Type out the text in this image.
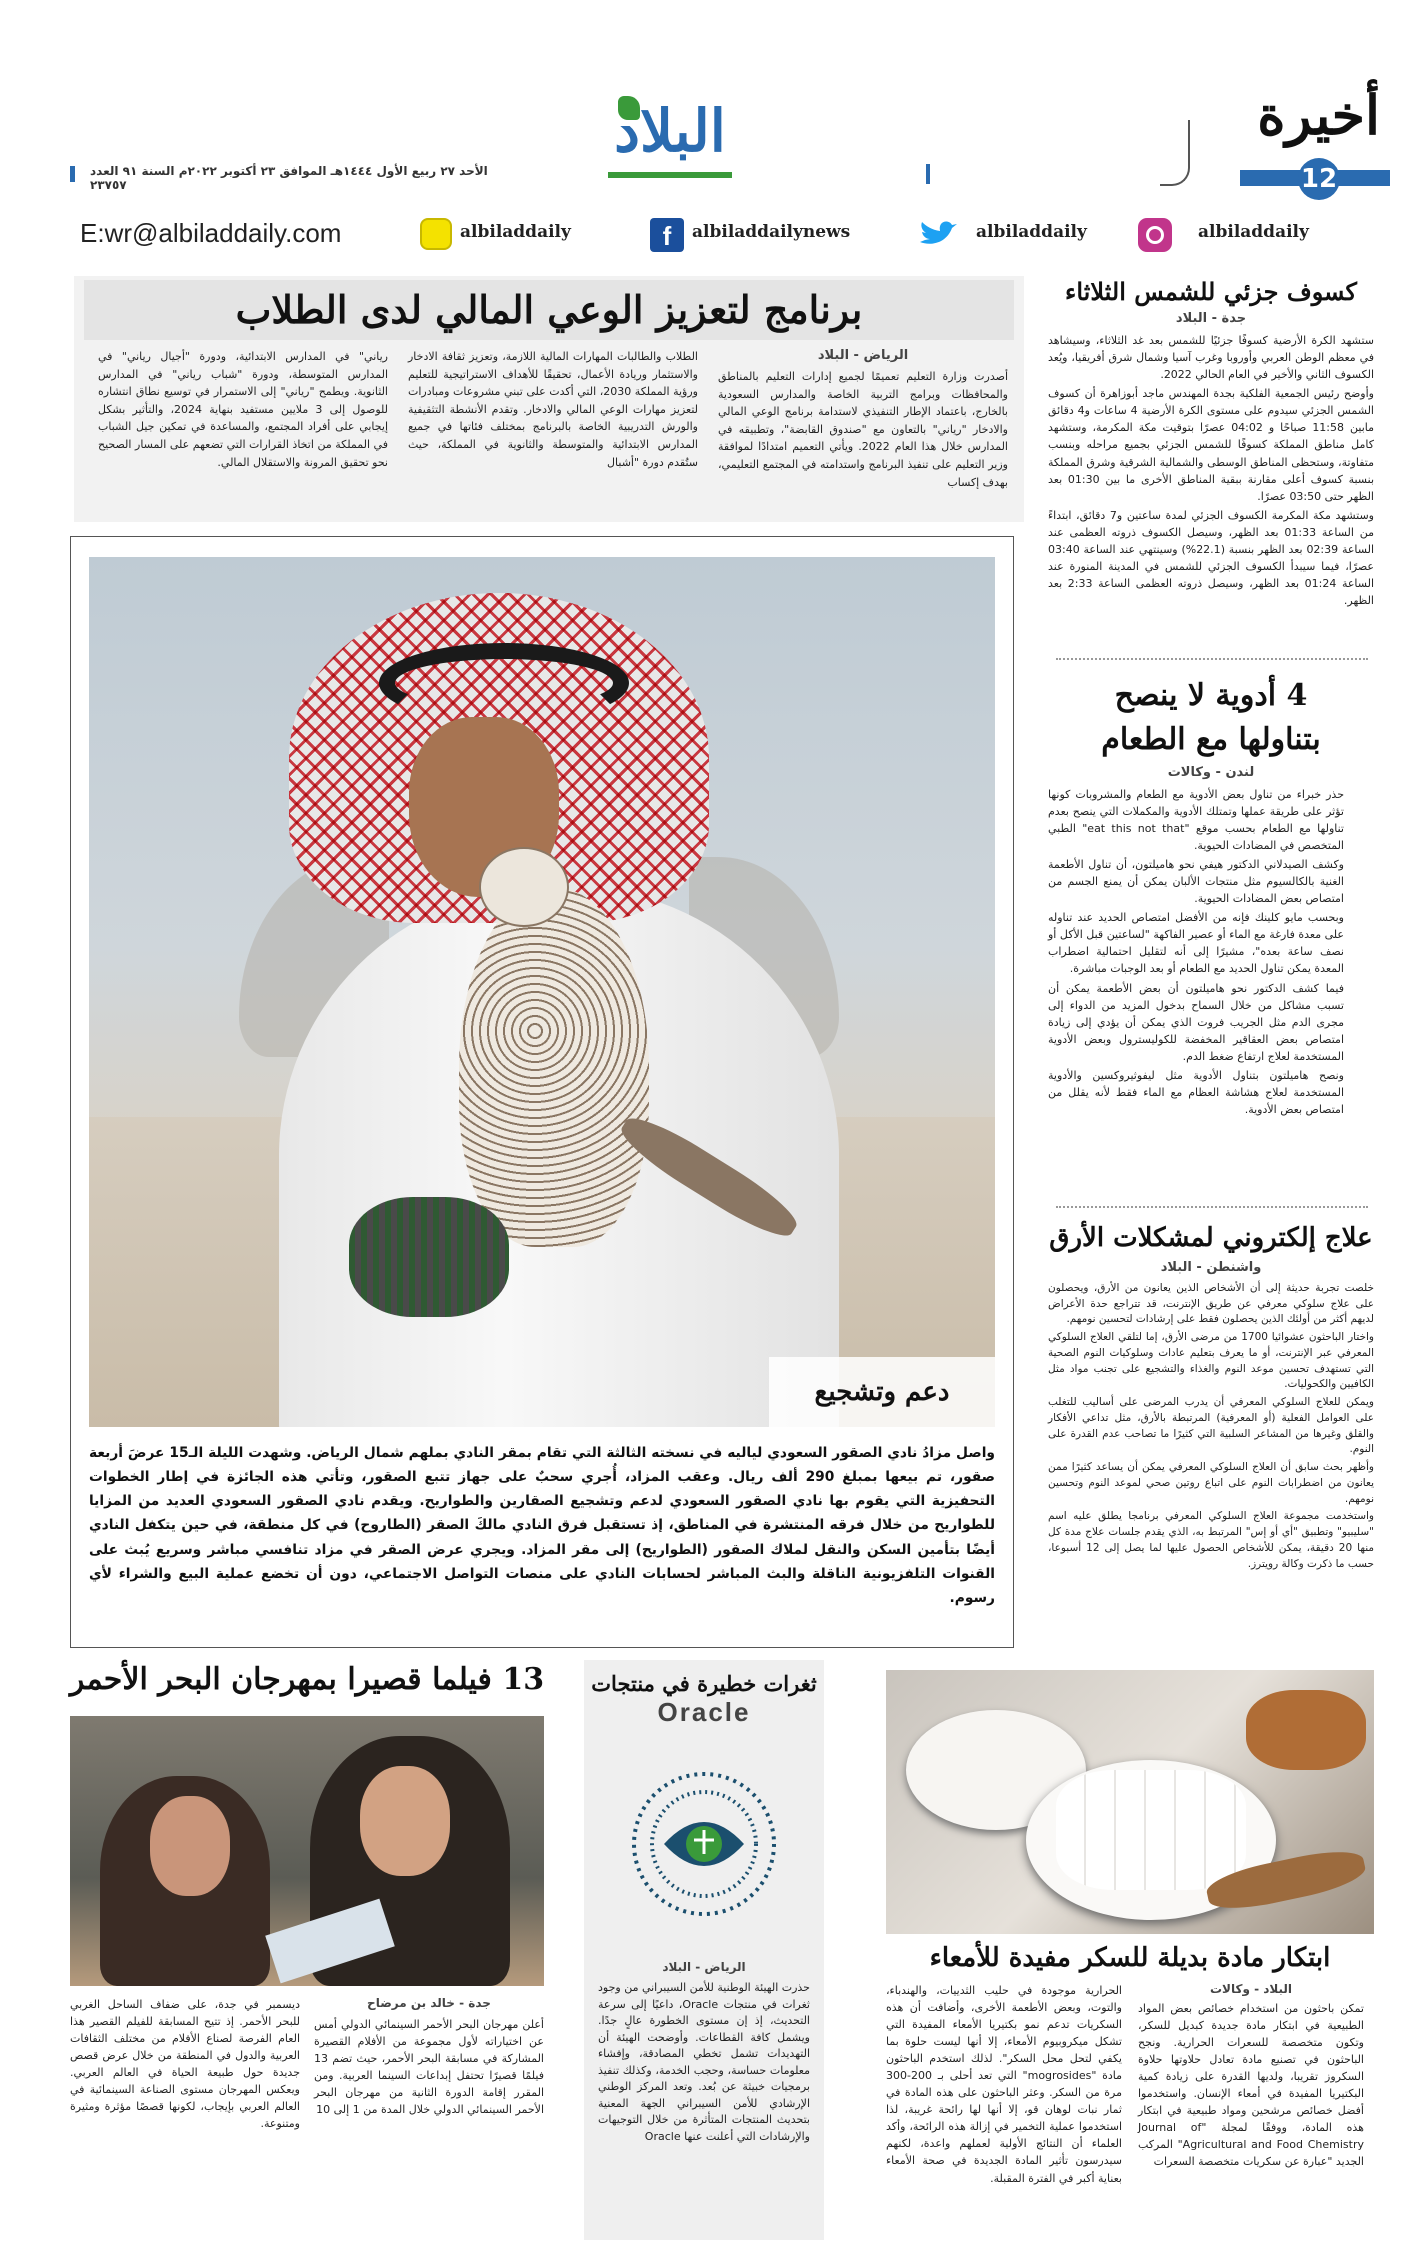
أخيرة
12
البلاد
الأحد ٢٧ ربيع الأول ١٤٤٤هـ الموافق ٢٣ أكتوبر ٢٠٢٢م السنة ٩١ العدد ٢٣٧٥٧
E:wr@albiladdaily.com	albiladdaily	f	albiladdailynews	albiladdaily	albiladdaily
كسوف جزئي للشمس الثلاثاء
جدة - البلاد

ستشهد الكرة الأرضية كسوفًا جزئيًا للشمس بعد غد الثلاثاء، وسيشاهد في معظم الوطن العربي وأوروبا وغرب آسيا وشمال شرق أفريقيا، ويُعد الكسوف الثاني والأخير في العام الحالي 2022.

وأوضح رئيس الجمعية الفلكية بجدة المهندس ماجد أبوزاهرة أن كسوف الشمس الجزئي سيدوم على مستوى الكرة الأرضية 4 ساعات و4 دقائق مابين 11:58 صباحًا و 04:02 عصرًا بتوقيت مكة المكرمة، وستشهد كامل مناطق المملكة كسوفًا للشمس الجزئي بجميع مراحله وبنسب متفاوتة، وستحظى المناطق الوسطى والشمالية الشرقية وشرق المملكة بنسبة كسوف أعلى مقارنة ببقية المناطق الأخرى ما بين 01:30 بعد الظهر حتى 03:50 عصرًا.

وستشهد مكة المكرمة الكسوف الجزئي لمدة ساعتين و7 دقائق، ابتداءً من الساعة 01:33 بعد الظهر، وسيصل الكسوف ذروته العظمى عند الساعة 02:39 بعد الظهر بنسبة (22.1%) وسينتهي عند الساعة 03:40 عصرًا، فيما سيبدأ الكسوف الجزئي للشمس في المدينة المنورة عند الساعة 01:24 بعد الظهر، وسيصل ذروته العظمى الساعة 2:33 بعد الظهر.

4 أدوية لا ينصح بتناولها مع الطعام
لندن - وكالات

حذر خبراء من تناول بعض الأدوية مع الطعام والمشروبات كونها تؤثر على طريقة عملها وتمتلك الأدوية والمكملات التي ينصح بعدم تناولها مع الطعام بحسب موقع "eat this not that" الطبي المتخصص في المضادات الحيوية.

وكشف الصيدلاني الدكتور هيفي نحو هاميلتون، أن تناول الأطعمة الغنية بالكالسيوم مثل منتجات الألبان يمكن أن يمنع الجسم من امتصاص بعض المضادات الحيوية.

وبحسب مايو كلينك فإنه من الأفضل امتصاص الحديد عند تناوله على معدة فارغة مع الماء أو عصير الفاكهة "لساعتين قبل الأكل أو نصف ساعة بعده"، مشيرًا إلى أنه لتقليل احتمالية اضطراب المعدة يمكن تناول الحديد مع الطعام أو بعد الوجبات مباشرة.

فيما كشف الدكتور نحو هاميلتون أن بعض الأطعمة يمكن أن تسبب مشاكل من خلال السماح بدخول المزيد من الدواء إلى مجرى الدم مثل الجريب فروت الذي يمكن أن يؤدي إلى زيادة امتصاص بعض العقاقير المخفضة للكوليسترول وبعض الأدوية المستخدمة لعلاج ارتفاع ضغط الدم.

ونصح هاميلتون بتناول الأدوية مثل ليفوثيروكسين والأدوية المستخدمة لعلاج هشاشة العظام مع الماء فقط لأنه يقلل من امتصاص بعض الأدوية.

علاج إلكتروني لمشكلات الأرق
واشنطن - البلاد

خلصت تجربة حديثة إلى أن الأشخاص الذين يعانون من الأرق، ويحصلون على علاج سلوكي معرفي عن طريق الإنترنت، قد تتراجع حدة الأعراض لديهم أكثر من أولئك الذين يحصلون فقط على إرشادات لتحسين نومهم.

واختار الباحثون عشوائيا 1700 من مرضى الأرق، إما لتلقي العلاج السلوكي المعرفي عبر الإنترنت، أو ما يعرف بتعليم عادات وسلوكيات النوم الصحية التي تستهدف تحسين موعد النوم والغذاء والتشجيع على تجنب مواد مثل الكافيين والكحوليات.

ويمكن للعلاج السلوكي المعرفي أن يدرب المرضى على أساليب للتغلب على العوامل الفعلية (أو المعرفية) المرتبطة بالأرق، مثل تداعي الأفكار والقلق وغيرها من المشاعر السلبية التي كثيرًا ما تصاحب عدم القدرة على النوم.

وأظهر بحث سابق أن العلاج السلوكي المعرفي يمكن أن يساعد كثيرًا ممن يعانون من اضطرابات النوم على اتباع روتين صحي لموعد النوم وتحسين نومهم.

واستخدمت مجموعة العلاج السلوكي المعرفي برنامجا يطلق عليه اسم "سليبيو" وتطبيق "أي أو إس" المرتبط به، الذي يقدم جلسات علاج مدة كل منها 20 دقيقة، يمكن للأشخاص الحصول عليها لما يصل إلى 12 أسبوعا، حسب ما ذكرت وكالة رويترز.

برنامج لتعزيز الوعي المالي لدى الطلاب
الرياض - البلاد
أصدرت وزارة التعليم تعميمًا لجميع إدارات التعليم بالمناطق والمحافظات وبرامج التربية الخاصة والمدارس السعودية بالخارج، باعتماد الإطار التنفيذي لاستدامة برنامج الوعي المالي والادخار "رياني" بالتعاون مع "صندوق القابضة"، وتطبيقه في المدارس خلال هذا العام 2022. ويأتي التعميم امتدادًا لموافقة وزير التعليم على تنفيذ البرنامج واستدامته في المجتمع التعليمي، بهدف إكساب
الطلاب والطالبات المهارات المالية اللازمة، وتعزيز ثقافة الادخار والاستثمار وريادة الأعمال، تحقيقًا للأهداف الاستراتيجية للتعليم ورؤية المملكة 2030، التي أكدت على تبني مشروعات ومبادرات لتعزيز مهارات الوعي المالي والادخار. وتقدم الأنشطة التثقيفية والورش التدريبية الخاصة بالبرنامج بمختلف فئاتها في جميع المدارس الابتدائية والمتوسطة والثانوية في المملكة، حيث ستُقدم دورة "أشبال
رياني" في المدارس الابتدائية، ودورة "أجيال رياني" في المدارس المتوسطة، ودورة "شباب رياني" في المدارس الثانوية. ويطمح "رياني" إلى الاستمرار في توسيع نطاق انتشاره للوصول إلى 3 ملايين مستفيد بنهاية 2024، والتأثير بشكل إيجابي على أفراد المجتمع، والمساعدة في تمكين جيل الشباب في المملكة من اتخاذ القرارات التي تضعهم على المسار الصحيح نحو تحقيق المرونة والاستقلال المالي.
دعم وتشجيع
واصل مزادُ نادي الصقور السعودي لياليه في نسخته الثالثة التي تقام بمقر النادي بملهم شمال الرياض. وشهدت الليلة الـ15 عرضَ أربعة صقور، تم بيعها بمبلغ 290 ألف ريال. وعقب المزاد، أُجري سحبٌ على جهاز تتبع الصقور، وتأتي هذه الجائزة في إطار الخطوات التحفيزية التي يقوم بها نادي الصقور السعودي لدعم وتشجيع الصقارين والطواريح. ويقدم نادي الصقور السعودي العديد من المزايا للطواريح من خلال فرقه المنتشرة في المناطق، إذ تستقبل فرق النادي مالكَ الصقر (الطاروح) في كل منطقة، في حين يتكفل النادي أيضًا بتأمين السكن والنقل لملاك الصقور (الطواريح) إلى مقر المزاد. ويجري عرض الصقر في مزاد تنافسي مباشر وسريع يُبث على القنوات التلفزيونية الناقلة والبث المباشر لحسابات النادي على منصات التواصل الاجتماعي، دون أن تخضع عملية البيع والشراء لأي رسوم.
13 فيلما قصيرا بمهرجان البحر الأحمر
جدة - خالد بن مرضاح
أعلن مهرجان البحر الأحمر السينمائي الدولي أمس عن اختياراته لأول مجموعة من الأفلام القصيرة المشاركة في مسابقة البحر الأحمر، حيث تضم 13 فيلمًا قصيرًا تحتفل إبداعات السينما العربية. ومن المقرر إقامة الدورة الثانية من مهرجان البحر الأحمر السينمائي الدولي خلال المدة من 1 إلى 10
ديسمبر في جدة، على ضفاف الساحل الغربي للبحر الأحمر. إذ تتيح المسابقة للفيلم القصير هذا العام الفرصة لصناع الأفلام من مختلف الثقافات العربية والدول في المنطقة من خلال عرض قصص جديدة حول طبيعة الحياة في العالم العربي. ويعكس المهرجان مستوى الصناعة السينمائية في العالم العربي بإيجاب، لكونها قصصًا مؤثرة ومثيرة ومتنوعة.
ثغرات خطيرة في منتجات
Oracle
الرياض - البلاد
حذرت الهيئة الوطنية للأمن السيبراني من وجود ثغرات في منتجات Oracle، داعيًا إلى سرعة التحديث، إذ إن مستوى الخطورة عالٍ جدًا. ويشمل كافة القطاعات. وأوضحت الهيئة أن التهديدات تشمل تخطي المصادقة، وإفشاء معلومات حساسة، وحجب الخدمة، وكذلك تنفيذ برمجيات خبيثة عن بُعد. وتعد المركز الوطني الإرشادي للأمن السيبراني الجهة المعنية بتحديث المنتجات المتأثرة من خلال التوجيهات والإرشادات التي أعلنت عنها Oracle
ابتكار مادة بديلة للسكر مفيدة للأمعاء
البلاد - وكالات
تمكن باحثون من استخدام خصائص بعض المواد الطبيعية في ابتكار مادة جديدة كبديل للسكر، وتكون متخصصة للسعرات الحرارية. ونجح الباحثون في تصنيع مادة تعادل حلاوتها حلاوة السكروز تقريبا، ولديها القدرة على زيادة كمية البكتيريا المفيدة في أمعاء الإنسان. واستخدموا أفضل خصائص مرشحين ومواد طبيعية في ابتكار هذه المادة، ووفقًا لمجلة "Journal of Agricultural and Food Chemistry" المركب الجديد "عبارة عن سكريات متخصصة السعرات
الحرارية موجودة في حليب الثدييات، والهندباء، والتوت، وبعض الأطعمة الأخرى، وأضافت أن هذه السكريات تدعم نمو بكتيريا الأمعاء المفيدة التي تشكل ميكروبيوم الأمعاء، إلا أنها ليست حلوة بما يكفي لتحل محل السكر". لذلك استخدم الباحثون مادة "mogrosides" التي تعد أحلى بـ 200-300 مرة من السكر. وعثر الباحثون على هذه المادة في ثمار نبات لوهان قو، إلا أنها لها رائحة غريبة، لذا استخدموا عملية التخمير في إزالة هذه الرائحة، وأكد العلماء أن النتائج الأولية لعملهم واعدة، لكنهم سيدرسون تأثير المادة الجديدة في صحة الأمعاء بعناية أكبر في الفترة المقبلة.
